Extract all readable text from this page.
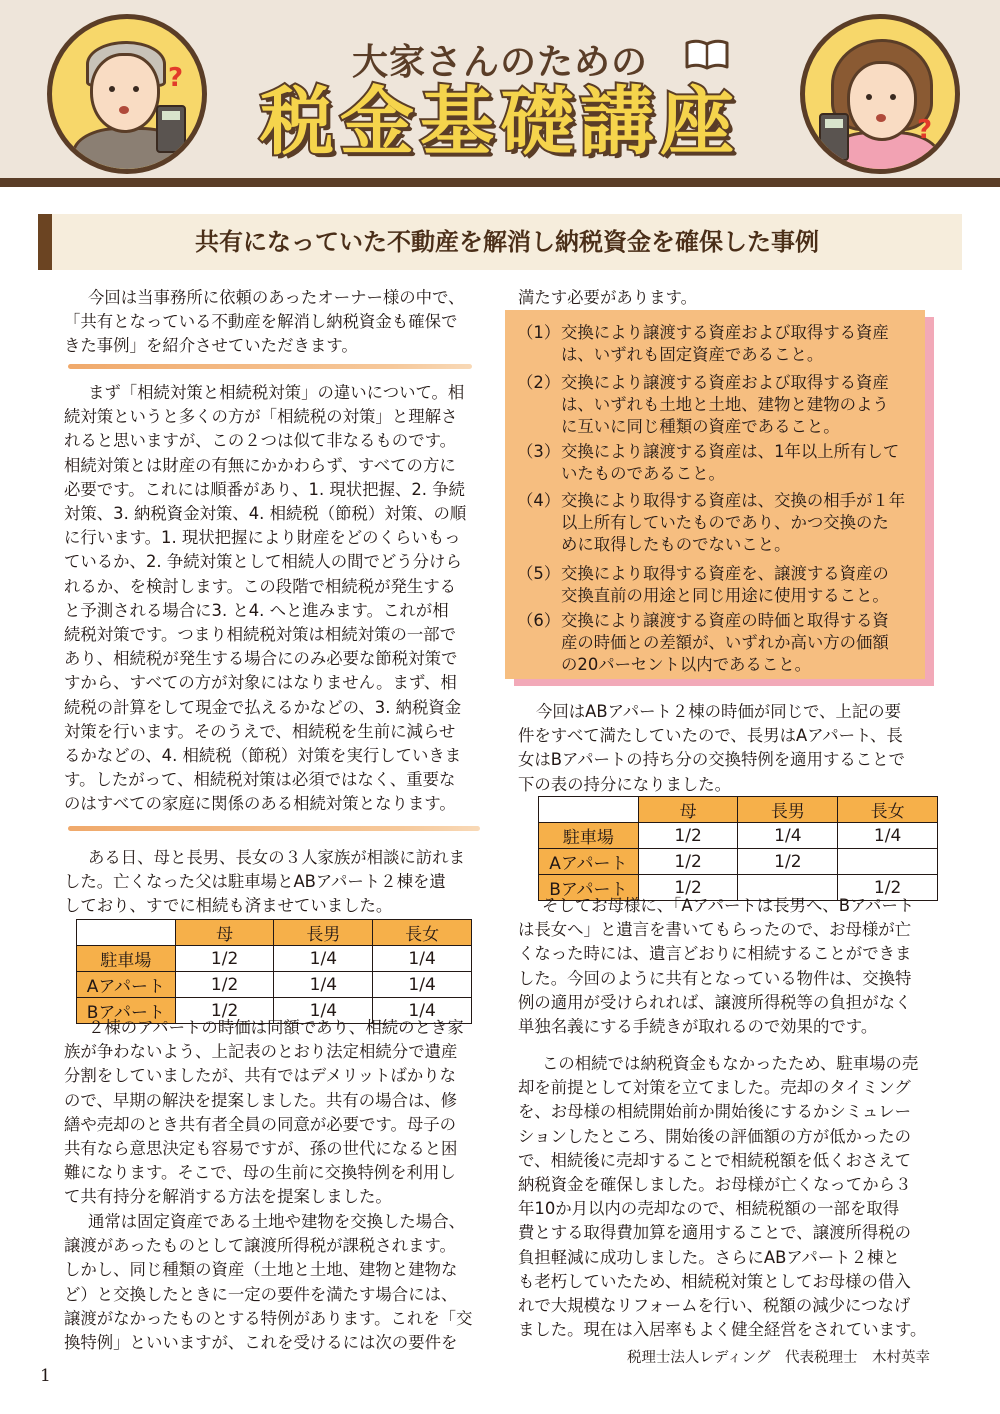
?
?
大家さんのための
税金基礎講座
共有になっていた不動産を解消し納税資金を確保した事例
今回は当事務所に依頼のあったオーナー様の中で、
「共有となっている不動産を解消し納税資金も確保で
きた事例」を紹介させていただきます。
まず「相続対策と相続税対策」の違いについて。相
続対策というと多くの方が「相続税の対策」と理解さ
れると思いますが、この２つは似て非なるものです。
相続対策とは財産の有無にかかわらず、すべての方に
必要です。これには順番があり、1. 現状把握、2. 争続
対策、3. 納税資金対策、4. 相続税（節税）対策、の順
に行います。1. 現状把握により財産をどのくらいもっ
ているか、2. 争続対策として相続人の間でどう分けら
れるか、を検討します。この段階で相続税が発生する
と予測される場合に3. と4. へと進みます。これが相
続税対策です。つまり相続税対策は相続対策の一部で
あり、相続税が発生する場合にのみ必要な節税対策で
すから、すべての方が対象にはなりません。まず、相
続税の計算をして現金で払えるかなどの、3. 納税資金
対策を行います。そのうえで、相続税を生前に減らせ
るかなどの、4. 相続税（節税）対策を実行していきま
す。したがって、相続税対策は必須ではなく、重要な
のはすべての家庭に関係のある相続対策となります。
ある日、母と長男、長女の３人家族が相談に訪れま
した。亡くなった父は駐車場とABアパート２棟を遺
しており、すでに相続も済ませていました。
	母	長男	長女
駐車場	1/2	1/4	1/4
Aアパート	1/2	1/4	1/4
Bアパート	1/2	1/4	1/4
２棟のアパートの時価は同額であり、相続のとき家
族が争わないよう、上記表のとおり法定相続分で遺産
分割をしていましたが、共有ではデメリットばかりな
ので、早期の解決を提案しました。共有の場合は、修
繕や売却のとき共有者全員の同意が必要です。母子の
共有なら意思決定も容易ですが、孫の世代になると困
難になります。そこで、母の生前に交換特例を利用し
て共有持分を解消する方法を提案しました。
通常は固定資産である土地や建物を交換した場合、
譲渡があったものとして譲渡所得税が課税されます。
しかし、同じ種類の資産（土地と土地、建物と建物な
ど）と交換したときに一定の要件を満たす場合には、
譲渡がなかったものとする特例があります。これを「交
換特例」といいますが、これを受けるには次の要件を
満たす必要があります。
（1） 交換により譲渡する資産および取得する資産
は、いずれも固定資産であること。
（2） 交換により譲渡する資産および取得する資産
は、いずれも土地と土地、建物と建物のよう
に互いに同じ種類の資産であること。
（3） 交換により譲渡する資産は、1年以上所有して
いたものであること。
（4） 交換により取得する資産は、交換の相手が１年
以上所有していたものであり、かつ交換のた
めに取得したものでないこと。
（5） 交換により取得する資産を、譲渡する資産の
交換直前の用途と同じ用途に使用すること。
（6） 交換により譲渡する資産の時価と取得する資
産の時価との差額が、いずれか高い方の価額
の20パーセント以内であること。
今回はABアパート２棟の時価が同じで、上記の要
件をすべて満たしていたので、長男はAアパート、長
女はBアパートの持ち分の交換特例を適用することで
下の表の持分になりました。
	母	長男	長女
駐車場	1/2	1/4	1/4
Aアパート	1/2	1/2	
Bアパート	1/2		1/2
そしてお母様に、「Aアパートは長男へ、Bアパート
は長女へ」と遺言を書いてもらったので、お母様が亡
くなった時には、遺言どおりに相続することができま
した。今回のように共有となっている物件は、交換特
例の適用が受けられれば、譲渡所得税等の負担がなく
単独名義にする手続きが取れるので効果的です。
この相続では納税資金もなかったため、駐車場の売
却を前提として対策を立てました。売却のタイミング
を、お母様の相続開始前か開始後にするかシミュレー
ションしたところ、開始後の評価額の方が低かったの
で、相続後に売却することで相続税額を低くおさえて
納税資金を確保しました。お母様が亡くなってから３
年10か月以内の売却なので、相続税額の一部を取得
費とする取得費加算を適用することで、譲渡所得税の
負担軽減に成功しました。さらにABアパート２棟と
も老朽していたため、相続税対策としてお母様の借入
れで大規模なリフォームを行い、税額の減少につなげ
ました。現在は入居率もよく健全経営をされています。
税理士法人レディング　代表税理士　木村英幸
1
